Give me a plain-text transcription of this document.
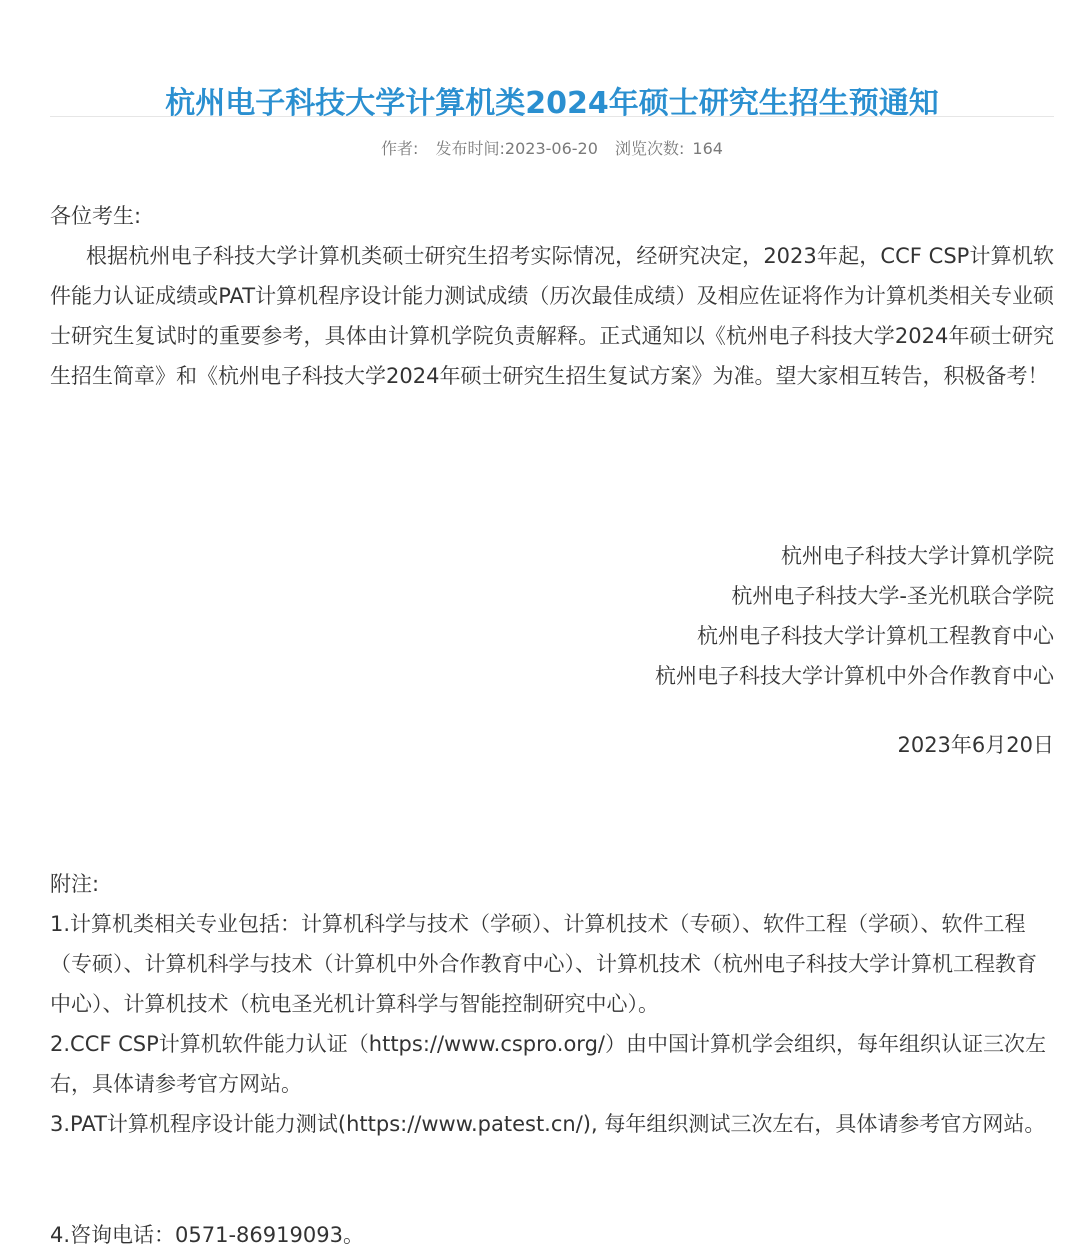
杭州电子科技大学计算机类2024年硕士研究生招生预通知
作者: 发布时间:2023-06-20 浏览次数: 164

各位考生:

根据杭州电子科技大学计算机类硕士研究生招考实际情况，经研究决定，2023年起，CCF CSP计算机软件能力认证成绩或PAT计算机程序设计能力测试成绩（历次最佳成绩）及相应佐证将作为计算机类相关专业硕士研究生复试时的重要参考，具体由计算机学院负责解释。正式通知以《杭州电子科技大学2024年硕士研究生招生简章》和《杭州电子科技大学2024年硕士研究生招生复试方案》为准。望大家相互转告，积极备考！

杭州电子科技大学计算机学院
杭州电子科技大学-圣光机联合学院
杭州电子科技大学计算机工程教育中心
杭州电子科技大学计算机中外合作教育中心
2023年6月20日

附注:

1.计算机类相关专业包括：计算机科学与技术（学硕）、计算机技术（专硕）、软件工程（学硕）、软件工程（专硕）、计算机科学与技术（计算机中外合作教育中心）、计算机技术（杭州电子科技大学计算机工程教育中心）、计算机技术（杭电圣光机计算科学与智能控制研究中心）。

2.CCF CSP计算机软件能力认证（https://www.cspro.org/）由中国计算机学会组织，每年组织认证三次左右，具体请参考官方网站。

3.PAT计算机程序设计能力测试(https://www.patest.cn/), 每年组织测试三次左右，具体请参考官方网站。

4.咨询电话：0571-86919093。
